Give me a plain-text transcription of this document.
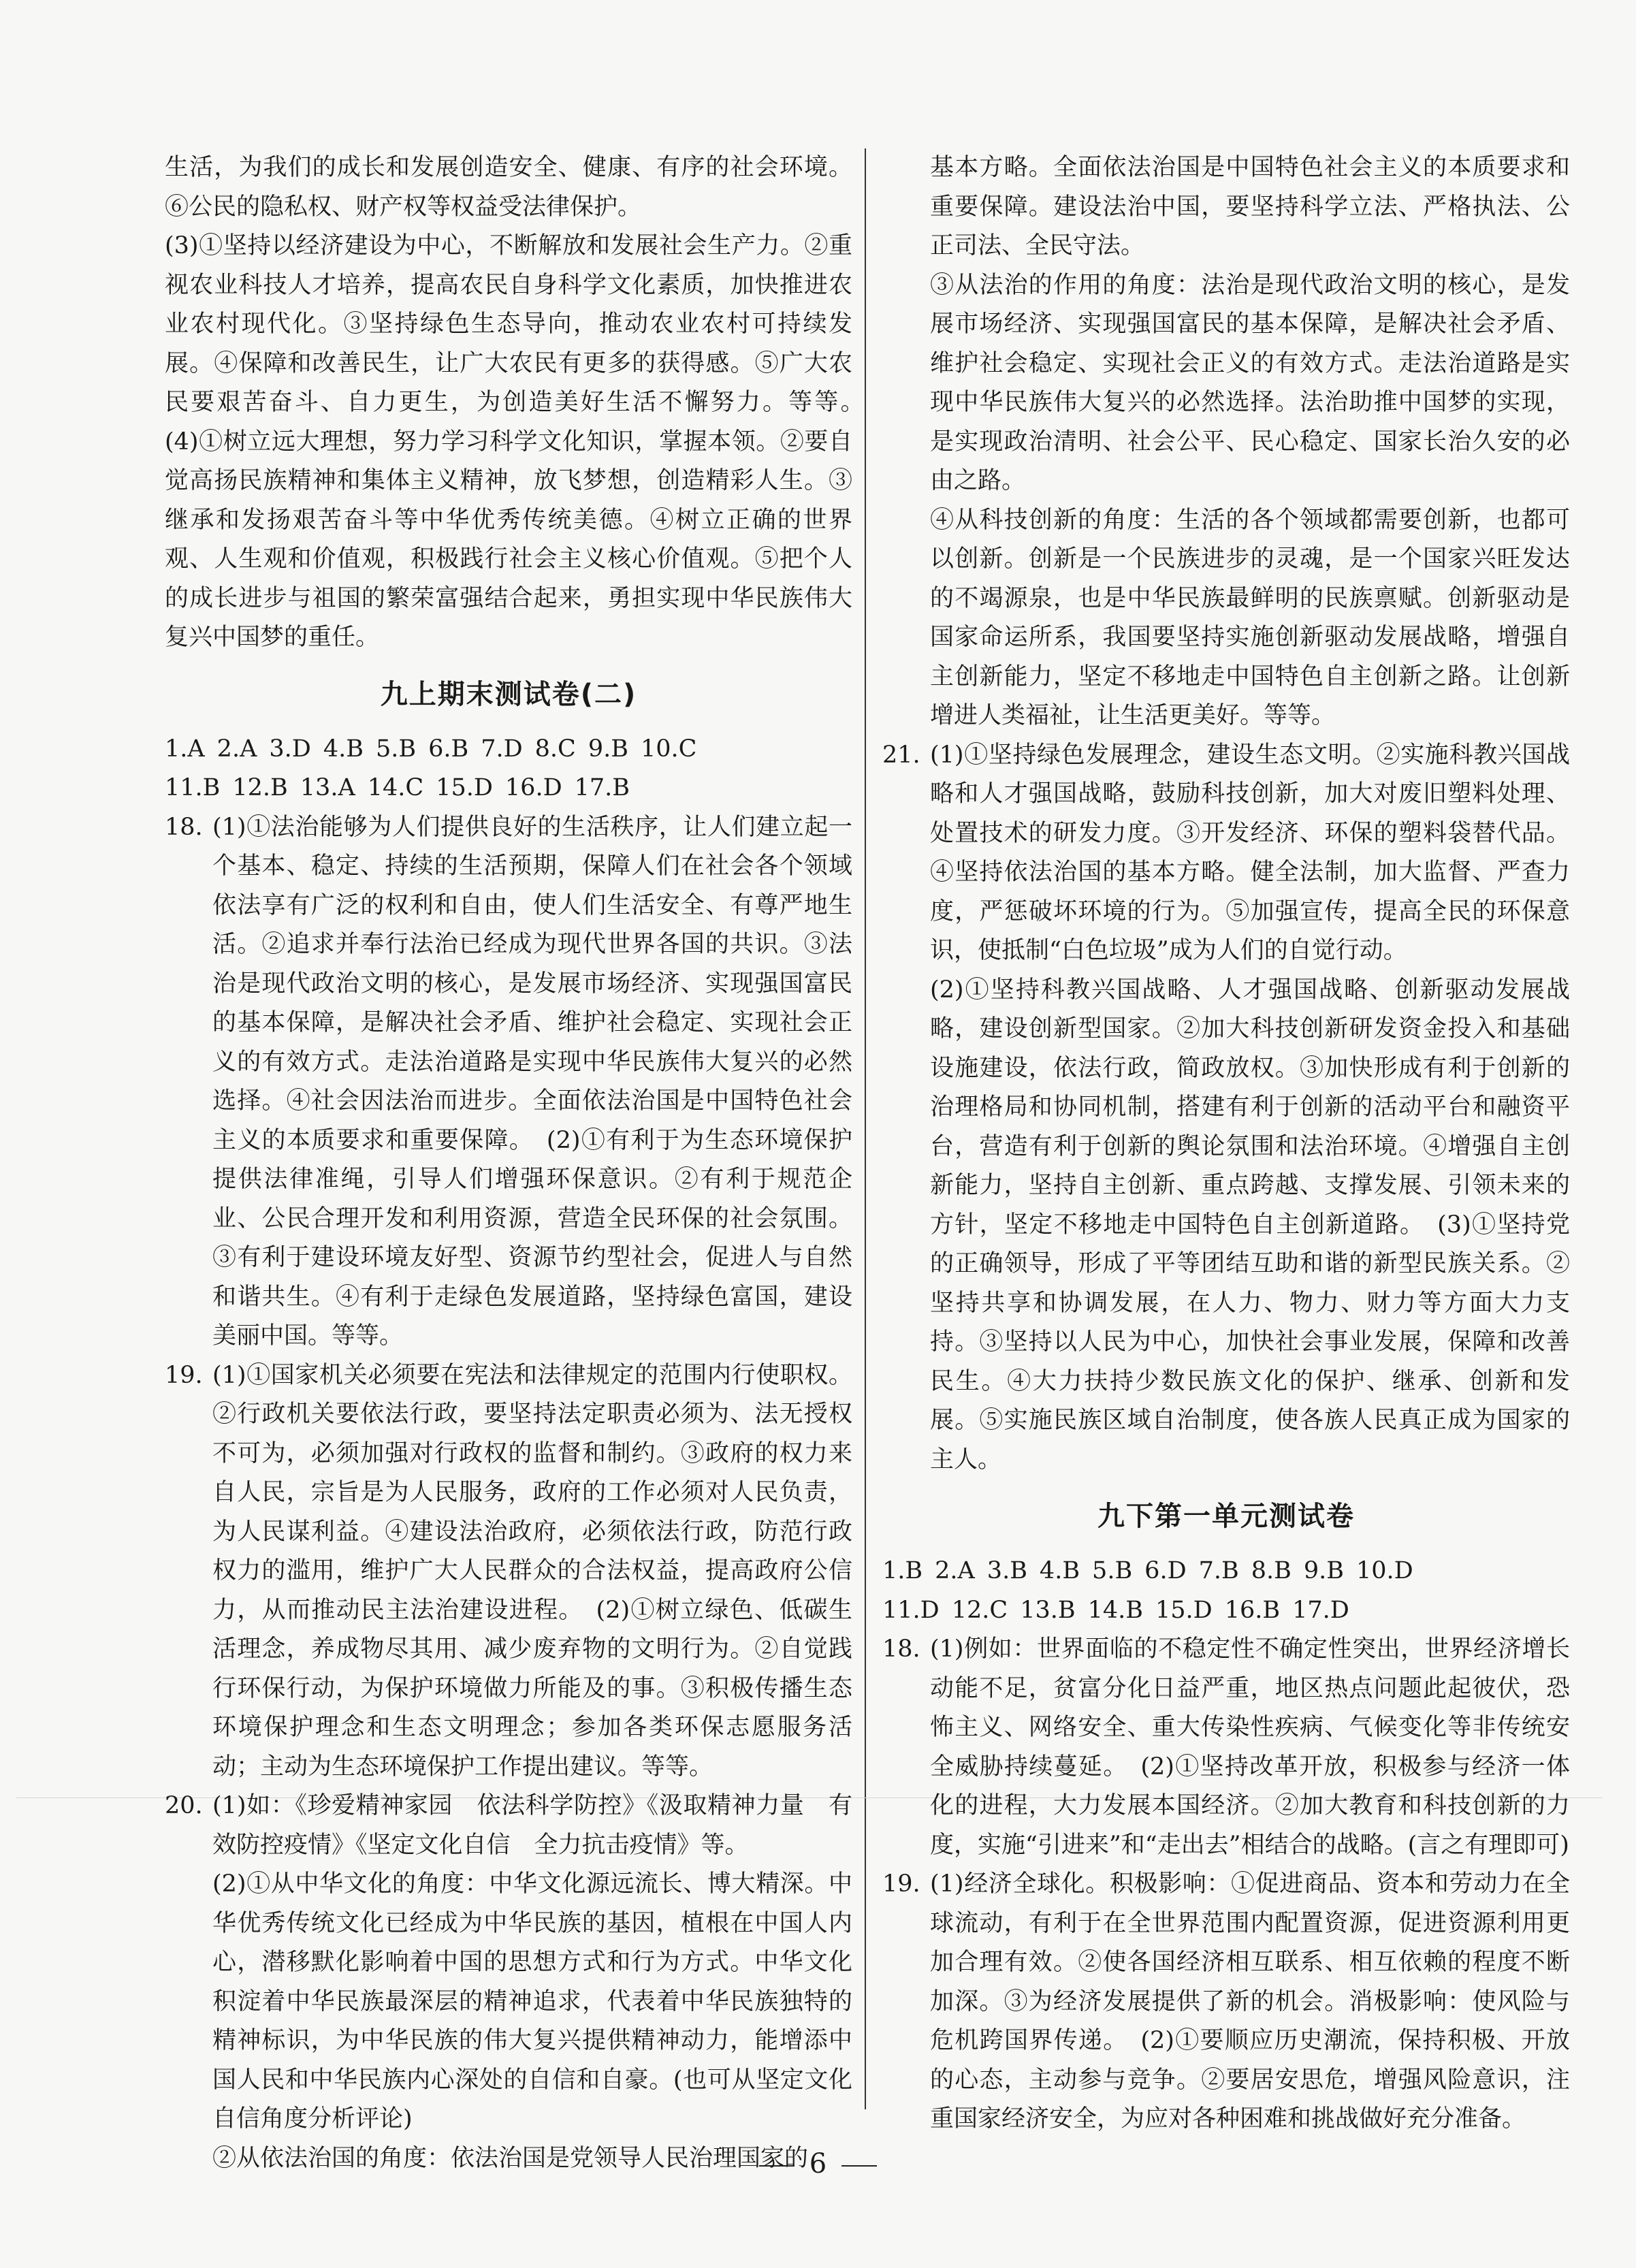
生活，为我们的成长和发展创造安全、健康、有序的社会环境。⑥公民的隐私权、财产权等权益受法律保护。

(3)①坚持以经济建设为中心，不断解放和发展社会生产力。②重视农业科技人才培养，提高农民自身科学文化素质，加快推进农业农村现代化。③坚持绿色生态导向，推动农业农村可持续发展。④保障和改善民生，让广大农民有更多的获得感。⑤广大农民要艰苦奋斗、自力更生，为创造美好生活不懈努力。等等。　(4)①树立远大理想，努力学习科学文化知识，掌握本领。②要自觉高扬民族精神和集体主义精神，放飞梦想，创造精彩人生。③继承和发扬艰苦奋斗等中华优秀传统美德。④树立正确的世界观、人生观和价值观，积极践行社会主义核心价值观。⑤把个人的成长进步与祖国的繁荣富强结合起来，勇担实现中华民族伟大复兴中国梦的重任。

九上期末测试卷(二)

1.A 2.A 3.D 4.B 5.B 6.B 7.D 8.C 9.B 10.C

11.B 12.B 13.A 14.C 15.D 16.D 17.B

18. (1)①法治能够为人们提供良好的生活秩序，让人们建立起一个基本、稳定、持续的生活预期，保障人们在社会各个领域依法享有广泛的权利和自由，使人们生活安全、有尊严地生活。②追求并奉行法治已经成为现代世界各国的共识。③法治是现代政治文明的核心，是发展市场经济、实现强国富民的基本保障，是解决社会矛盾、维护社会稳定、实现社会正义的有效方式。走法治道路是实现中华民族伟大复兴的必然选择。④社会因法治而进步。全面依法治国是中国特色社会主义的本质要求和重要保障。　(2)①有利于为生态环境保护提供法律准绳，引导人们增强环保意识。②有利于规范企业、公民合理开发和利用资源，营造全民环保的社会氛围。③有利于建设环境友好型、资源节约型社会，促进人与自然和谐共生。④有利于走绿色发展道路，坚持绿色富国，建设美丽中国。等等。

19. (1)①国家机关必须要在宪法和法律规定的范围内行使职权。②行政机关要依法行政，要坚持法定职责必须为、法无授权不可为，必须加强对行政权的监督和制约。③政府的权力来自人民，宗旨是为人民服务，政府的工作必须对人民负责，为人民谋利益。④建设法治政府，必须依法行政，防范行政权力的滥用，维护广大人民群众的合法权益，提高政府公信力，从而推动民主法治建设进程。　(2)①树立绿色、低碳生活理念，养成物尽其用、减少废弃物的文明行为。②自觉践行环保行动，为保护环境做力所能及的事。③积极传播生态环境保护理念和生态文明理念；参加各类环保志愿服务活动；主动为生态环境保护工作提出建议。等等。

20. (1)如：《珍爱精神家园　依法科学防控》《汲取精神力量　有效防控疫情》《坚定文化自信　全力抗击疫情》等。

(2)①从中华文化的角度：中华文化源远流长、博大精深。中华优秀传统文化已经成为中华民族的基因，植根在中国人内心，潜移默化影响着中国的思想方式和行为方式。中华文化积淀着中华民族最深层的精神追求，代表着中华民族独特的精神标识，为中华民族的伟大复兴提供精神动力，能增添中国人民和中华民族内心深处的自信和自豪。(也可从坚定文化自信角度分析评论)

②从依法治国的角度：依法治国是党领导人民治理国家的

基本方略。全面依法治国是中国特色社会主义的本质要求和重要保障。建设法治中国，要坚持科学立法、严格执法、公正司法、全民守法。

③从法治的作用的角度：法治是现代政治文明的核心，是发展市场经济、实现强国富民的基本保障，是解决社会矛盾、维护社会稳定、实现社会正义的有效方式。走法治道路是实现中华民族伟大复兴的必然选择。法治助推中国梦的实现，是实现政治清明、社会公平、民心稳定、国家长治久安的必由之路。

④从科技创新的角度：生活的各个领域都需要创新，也都可以创新。创新是一个民族进步的灵魂，是一个国家兴旺发达的不竭源泉，也是中华民族最鲜明的民族禀赋。创新驱动是国家命运所系，我国要坚持实施创新驱动发展战略，增强自主创新能力，坚定不移地走中国特色自主创新之路。让创新增进人类福祉，让生活更美好。等等。

21. (1)①坚持绿色发展理念，建设生态文明。②实施科教兴国战略和人才强国战略，鼓励科技创新，加大对废旧塑料处理、处置技术的研发力度。③开发经济、环保的塑料袋替代品。④坚持依法治国的基本方略。健全法制，加大监督、严查力度，严惩破坏环境的行为。⑤加强宣传，提高全民的环保意识，使抵制“白色垃圾”成为人们的自觉行动。

(2)①坚持科教兴国战略、人才强国战略、创新驱动发展战略，建设创新型国家。②加大科技创新研发资金投入和基础设施建设，依法行政，简政放权。③加快形成有利于创新的治理格局和协同机制，搭建有利于创新的活动平台和融资平台，营造有利于创新的舆论氛围和法治环境。④增强自主创新能力，坚持自主创新、重点跨越、支撑发展、引领未来的方针，坚定不移地走中国特色自主创新道路。　(3)①坚持党的正确领导，形成了平等团结互助和谐的新型民族关系。②坚持共享和协调发展，在人力、物力、财力等方面大力支持。③坚持以人民为中心，加快社会事业发展，保障和改善民生。④大力扶持少数民族文化的保护、继承、创新和发展。⑤实施民族区域自治制度，使各族人民真正成为国家的主人。

九下第一单元测试卷

1.B 2.A 3.B 4.B 5.B 6.D 7.B 8.B 9.B 10.D

11.D 12.C 13.B 14.B 15.D 16.B 17.D

18. (1)例如：世界面临的不稳定性不确定性突出，世界经济增长动能不足，贫富分化日益严重，地区热点问题此起彼伏，恐怖主义、网络安全、重大传染性疾病、气候变化等非传统安全威胁持续蔓延。　(2)①坚持改革开放，积极参与经济一体化的进程，大力发展本国经济。②加大教育和科技创新的力度，实施“引进来”和“走出去”相结合的战略。(言之有理即可)

19. (1)经济全球化。积极影响：①促进商品、资本和劳动力在全球流动，有利于在全世界范围内配置资源，促进资源利用更加合理有效。②使各国经济相互联系、相互依赖的程度不断加深。③为经济发展提供了新的机会。消极影响：使风险与危机跨国界传递。　(2)①要顺应历史潮流，保持积极、开放的心态，主动参与竞争。②要居安思危，增强风险意识，注重国家经济安全，为应对各种困难和挑战做好充分准备。

6
